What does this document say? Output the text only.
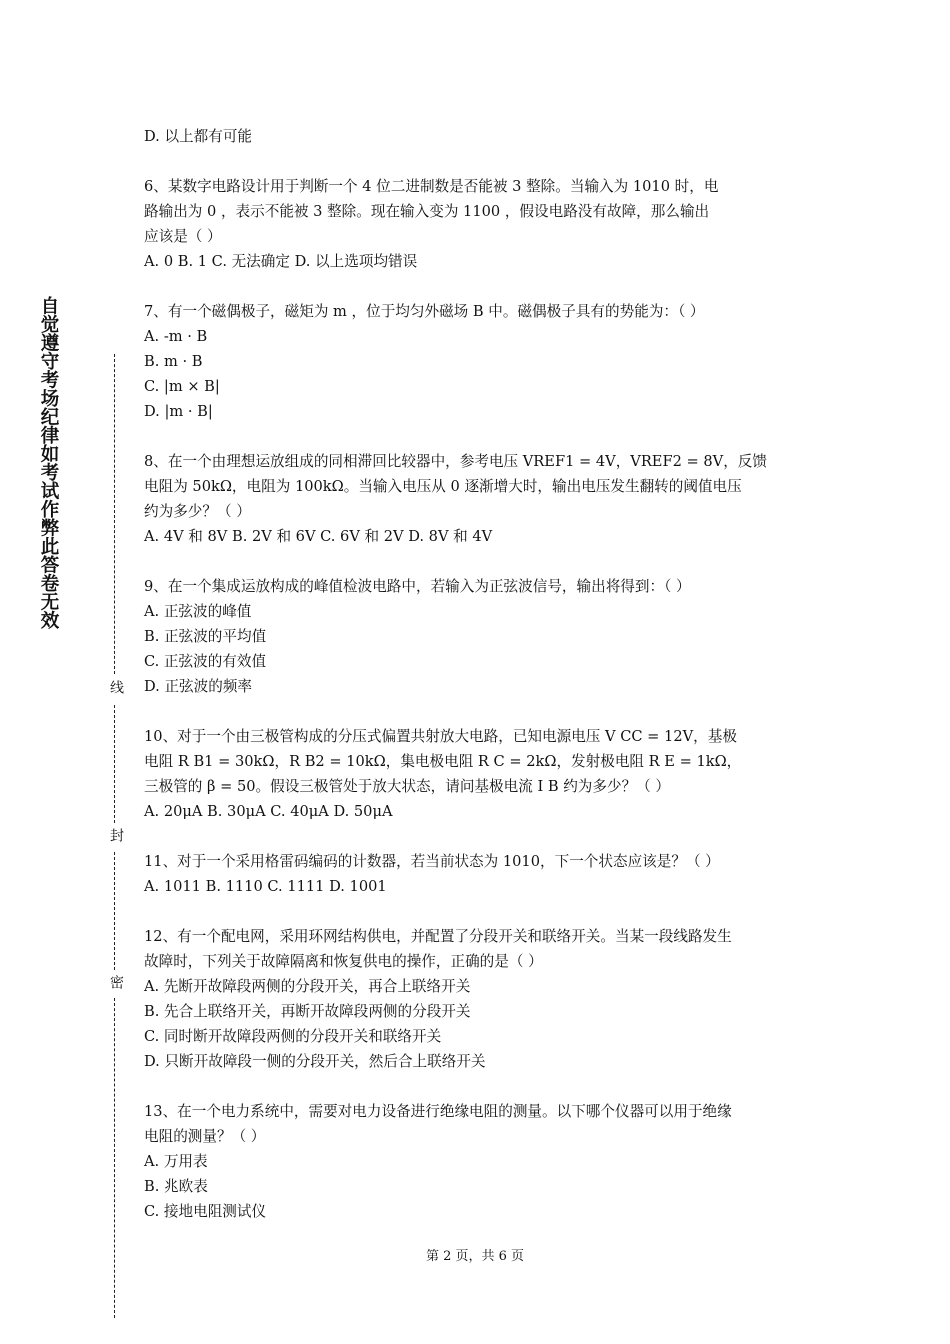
自觉遵守考场纪律如考试作弊此答卷无效
线
封
密
D. 以上都有可能
6、某数字电路设计用于判断一个 4 位二进制数是否能被 3 整除。当输入为 1010 时，电
路输出为 0 ，表示不能被 3 整除。现在输入变为 1100 ，假设电路没有故障，那么输出
应该是（ ）
A. 0 B. 1 C. 无法确定 D. 以上选项均错误
7、有一个磁偶极子，磁矩为 m ，位于均匀外磁场 B 中。磁偶极子具有的势能为：（ ）
A. -m · B
B. m · B
C. |m × B|
D. |m · B|
8、在一个由理想运放组成的同相滞回比较器中，参考电压 VREF1 = 4V，VREF2 = 8V，反馈
电阻为 50kΩ，电阻为 100kΩ。当输入电压从 0 逐渐增大时，输出电压发生翻转的阈值电压
约为多少？（ ）
A. 4V 和 8V B. 2V 和 6V C. 6V 和 2V D. 8V 和 4V
9、在一个集成运放构成的峰值检波电路中，若输入为正弦波信号，输出将得到：（ ）
A. 正弦波的峰值
B. 正弦波的平均值
C. 正弦波的有效值
D. 正弦波的频率
10、对于一个由三极管构成的分压式偏置共射放大电路，已知电源电压 V CC = 12V，基极
电阻 R B1 = 30kΩ，R B2 = 10kΩ，集电极电阻 R C = 2kΩ，发射极电阻 R E = 1kΩ，
三极管的 β = 50。假设三极管处于放大状态，请问基极电流 I B 约为多少？（ ）
A. 20μA B. 30μA C. 40μA D. 50μA
11、对于一个采用格雷码编码的计数器，若当前状态为 1010，下一个状态应该是？（ ）
A. 1011 B. 1110 C. 1111 D. 1001
12、有一个配电网，采用环网结构供电，并配置了分段开关和联络开关。当某一段线路发生
故障时，下列关于故障隔离和恢复供电的操作，正确的是（ ）
A. 先断开故障段两侧的分段开关，再合上联络开关
B. 先合上联络开关，再断开故障段两侧的分段开关
C. 同时断开故障段两侧的分段开关和联络开关
D. 只断开故障段一侧的分段开关，然后合上联络开关
13、在一个电力系统中，需要对电力设备进行绝缘电阻的测量。以下哪个仪器可以用于绝缘
电阻的测量？（ ）
A. 万用表
B. 兆欧表
C. 接地电阻测试仪
第 2 页，共 6 页
